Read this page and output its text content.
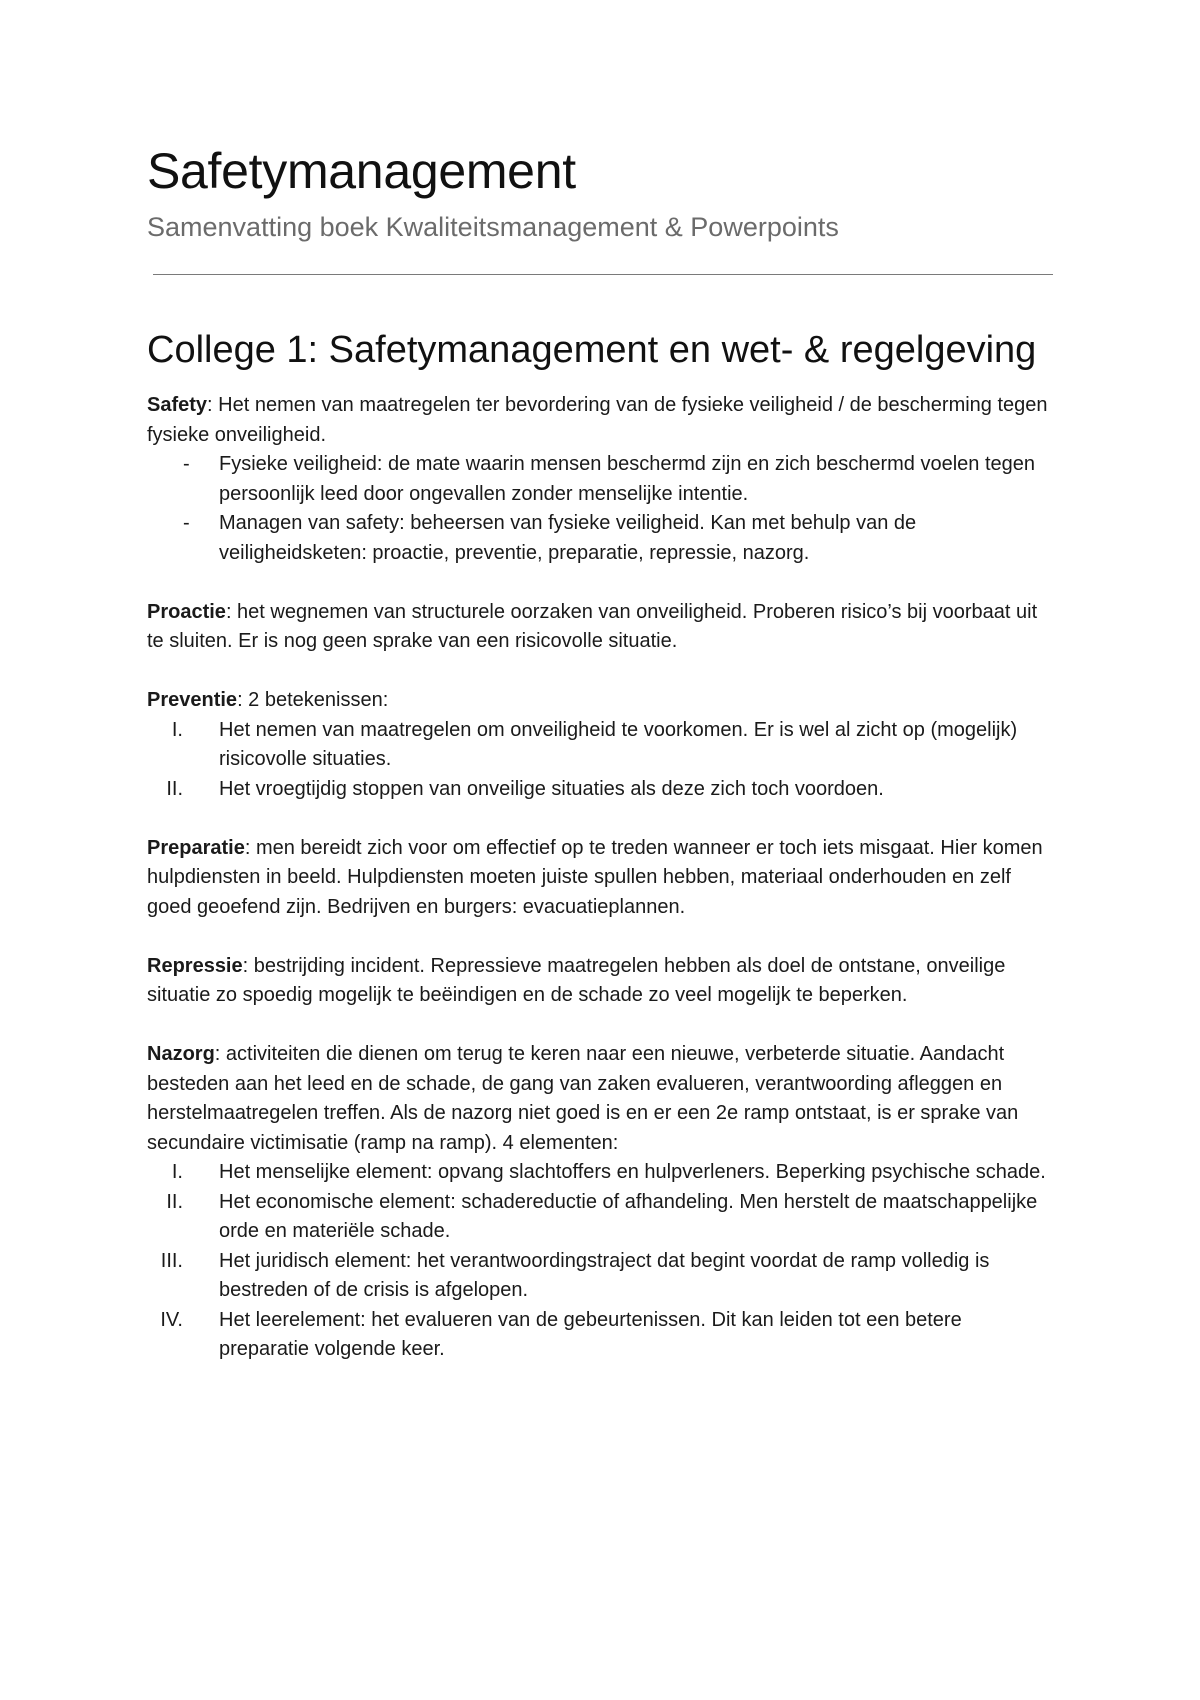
Safetymanagement

Samenvatting boek Kwaliteitsmanagement & Powerpoints

College 1: Safetymanagement en wet- & regelgeving

Safety: Het nemen van maatregelen ter bevordering van de fysieke veiligheid / de bescherming tegen fysieke onveiligheid.

- Fysieke veiligheid: de mate waarin mensen beschermd zijn en zich beschermd voelen tegen persoonlijk leed door ongevallen zonder menselijke intentie.
- Managen van safety: beheersen van fysieke veiligheid. Kan met behulp van de veiligheidsketen: proactie, preventie, preparatie, repressie, nazorg.

Proactie: het wegnemen van structurele oorzaken van onveiligheid. Proberen risico’s bij voorbaat uit te sluiten. Er is nog geen sprake van een risicovolle situatie.

Preventie: 2 betekenissen:

I. Het nemen van maatregelen om onveiligheid te voorkomen. Er is wel al zicht op (mogelijk) risicovolle situaties.
II. Het vroegtijdig stoppen van onveilige situaties als deze zich toch voordoen.

Preparatie: men bereidt zich voor om effectief op te treden wanneer er toch iets misgaat. Hier komen hulpdiensten in beeld. Hulpdiensten moeten juiste spullen hebben, materiaal onderhouden en zelf goed geoefend zijn. Bedrijven en burgers: evacuatieplannen.

Repressie: bestrijding incident. Repressieve maatregelen hebben als doel de ontstane, onveilige situatie zo spoedig mogelijk te beëindigen en de schade zo veel mogelijk te beperken.

Nazorg: activiteiten die dienen om terug te keren naar een nieuwe, verbeterde situatie. Aandacht besteden aan het leed en de schade, de gang van zaken evalueren, verantwoording afleggen en herstelmaatregelen treffen. Als de nazorg niet goed is en er een 2e ramp ontstaat, is er sprake van secundaire victimisatie (ramp na ramp). 4 elementen:

I. Het menselijke element: opvang slachtoffers en hulpverleners. Beperking psychische schade.
II. Het economische element: schadereductie of afhandeling. Men herstelt de maatschappelijke orde en materiële schade.
III. Het juridisch element: het verantwoordingstraject dat begint voordat de ramp volledig is bestreden of de crisis is afgelopen.
IV. Het leerelement: het evalueren van de gebeurtenissen. Dit kan leiden tot een betere preparatie volgende keer.
